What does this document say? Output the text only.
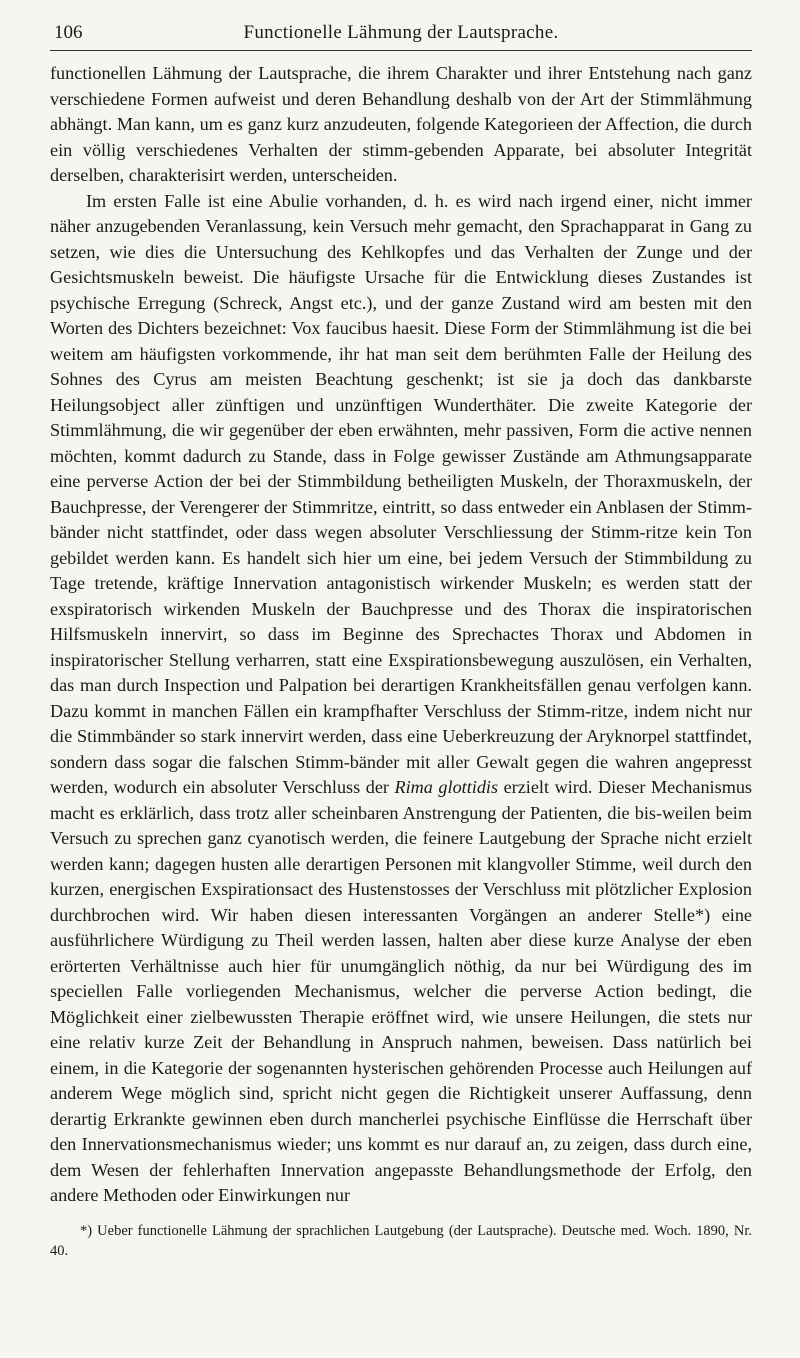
106	Functionelle Lähmung der Lautsprache.

functionellen Lähmung der Lautsprache, die ihrem Charakter und ihrer Entstehung nach ganz verschiedene Formen aufweist und deren Behandlung deshalb von der Art der Stimmlähmung abhängt. Man kann, um es ganz kurz anzudeuten, folgende Kategorieen der Affection, die durch ein völlig verschiedenes Verhalten der stimm-gebenden Apparate, bei absoluter Integrität derselben, charakterisirt werden, unterscheiden.

Im ersten Falle ist eine Abulie vorhanden, d. h. es wird nach irgend einer, nicht immer näher anzugebenden Veranlassung, kein Versuch mehr gemacht, den Sprachapparat in Gang zu setzen, wie dies die Untersuchung des Kehlkopfes und das Verhalten der Zunge und der Gesichtsmuskeln beweist. Die häufigste Ursache für die Entwicklung dieses Zustandes ist psychische Erregung (Schreck, Angst etc.), und der ganze Zustand wird am besten mit den Worten des Dichters bezeichnet: Vox faucibus haesit. Diese Form der Stimmlähmung ist die bei weitem am häufigsten vorkommende, ihr hat man seit dem berühmten Falle der Heilung des Sohnes des Cyrus am meisten Beachtung geschenkt; ist sie ja doch das dankbarste Heilungsobject aller zünftigen und unzünftigen Wunderthäter. Die zweite Kategorie der Stimmlähmung, die wir gegenüber der eben erwähnten, mehr passiven, Form die active nennen möchten, kommt dadurch zu Stande, dass in Folge gewisser Zustände am Athmungsapparate eine perverse Action der bei der Stimmbildung betheiligten Muskeln, der Thoraxmuskeln, der Bauchpresse, der Verengerer der Stimmritze, eintritt, so dass entweder ein Anblasen der Stimm-bänder nicht stattfindet, oder dass wegen absoluter Verschliessung der Stimm-ritze kein Ton gebildet werden kann. Es handelt sich hier um eine, bei jedem Versuch der Stimmbildung zu Tage tretende, kräftige Innervation antagonistisch wirkender Muskeln; es werden statt der exspiratorisch wirkenden Muskeln der Bauchpresse und des Thorax die inspiratorischen Hilfsmuskeln innervirt, so dass im Beginne des Sprechactes Thorax und Abdomen in inspiratorischer Stellung verharren, statt eine Exspirationsbewegung auszulösen, ein Verhalten, das man durch Inspection und Palpation bei derartigen Krankheitsfällen genau verfolgen kann. Dazu kommt in manchen Fällen ein krampfhafter Verschluss der Stimm-ritze, indem nicht nur die Stimmbänder so stark innervirt werden, dass eine Ueberkreuzung der Aryknorpel stattfindet, sondern dass sogar die falschen Stimm-bänder mit aller Gewalt gegen die wahren angepresst werden, wodurch ein absoluter Verschluss der Rima glottidis erzielt wird. Dieser Mechanismus macht es erklärlich, dass trotz aller scheinbaren Anstrengung der Patienten, die bis-weilen beim Versuch zu sprechen ganz cyanotisch werden, die feinere Lautgebung der Sprache nicht erzielt werden kann; dagegen husten alle derartigen Personen mit klangvoller Stimme, weil durch den kurzen, energischen Exspirationsact des Hustenstosses der Verschluss mit plötzlicher Explosion durchbrochen wird. Wir haben diesen interessanten Vorgängen an anderer Stelle*) eine ausführlichere Würdigung zu Theil werden lassen, halten aber diese kurze Analyse der eben erörterten Verhältnisse auch hier für unumgänglich nöthig, da nur bei Würdigung des im speciellen Falle vorliegenden Mechanismus, welcher die perverse Action bedingt, die Möglichkeit einer zielbewussten Therapie eröffnet wird, wie unsere Heilungen, die stets nur eine relativ kurze Zeit der Behandlung in Anspruch nahmen, beweisen. Dass natürlich bei einem, in die Kategorie der sogenannten hysterischen gehörenden Processe auch Heilungen auf anderem Wege möglich sind, spricht nicht gegen die Richtigkeit unserer Auffassung, denn derartig Erkrankte gewinnen eben durch mancherlei psychische Einflüsse die Herrschaft über den Innervationsmechanismus wieder; uns kommt es nur darauf an, zu zeigen, dass durch eine, dem Wesen der fehlerhaften Innervation angepasste Behandlungsmethode der Erfolg, den andere Methoden oder Einwirkungen nur

*) Ueber functionelle Lähmung der sprachlichen Lautgebung (der Lautsprache). Deutsche med. Woch. 1890, Nr. 40.
